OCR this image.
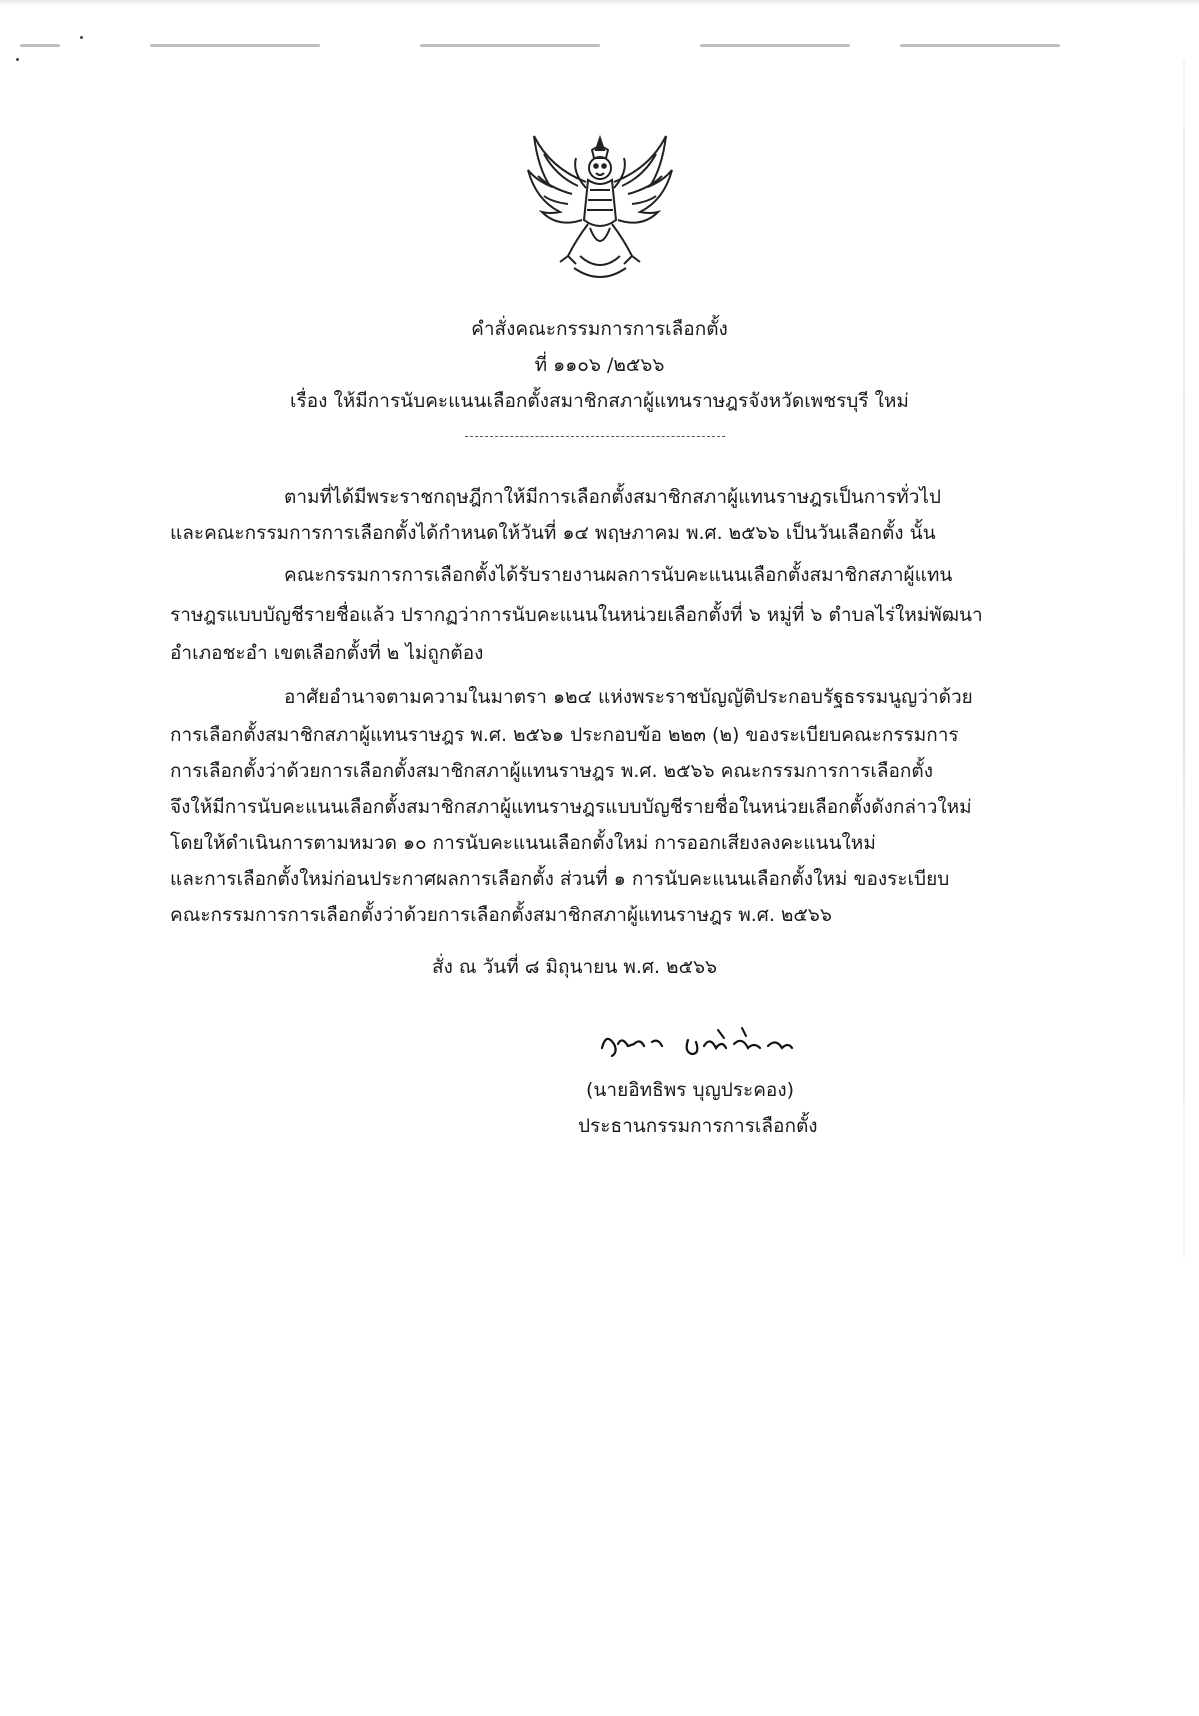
คำสั่งคณะกรรมการการเลือกตั้ง
ที่ ๑๑๐๖ /๒๕๖๖
เรื่อง ให้มีการนับคะแนนเลือกตั้งสมาชิกสภาผู้แทนราษฎรจังหวัดเพชรบุรี ใหม่
ตามที่ได้มีพระราชกฤษฎีกาให้มีการเลือกตั้งสมาชิกสภาผู้แทนราษฎรเป็นการทั่วไป
และคณะกรรมการการเลือกตั้งได้กำหนดให้วันที่ ๑๔ พฤษภาคม พ.ศ. ๒๕๖๖ เป็นวันเลือกตั้ง นั้น
คณะกรรมการการเลือกตั้งได้รับรายงานผลการนับคะแนนเลือกตั้งสมาชิกสภาผู้แทน
ราษฎรแบบบัญชีรายชื่อแล้ว ปรากฏว่าการนับคะแนนในหน่วยเลือกตั้งที่ ๖ หมู่ที่ ๖ ตำบลไร่ใหม่พัฒนา
อำเภอชะอำ เขตเลือกตั้งที่ ๒ ไม่ถูกต้อง
อาศัยอำนาจตามความในมาตรา ๑๒๔ แห่งพระราชบัญญัติประกอบรัฐธรรมนูญว่าด้วย
การเลือกตั้งสมาชิกสภาผู้แทนราษฎร พ.ศ. ๒๕๖๑ ประกอบข้อ ๒๒๓ (๒) ของระเบียบคณะกรรมการ
การเลือกตั้งว่าด้วยการเลือกตั้งสมาชิกสภาผู้แทนราษฎร พ.ศ. ๒๕๖๖ คณะกรรมการการเลือกตั้ง
จึงให้มีการนับคะแนนเลือกตั้งสมาชิกสภาผู้แทนราษฎรแบบบัญชีรายชื่อในหน่วยเลือกตั้งดังกล่าวใหม่
โดยให้ดำเนินการตามหมวด ๑๐ การนับคะแนนเลือกตั้งใหม่ การออกเสียงลงคะแนนใหม่
และการเลือกตั้งใหม่ก่อนประกาศผลการเลือกตั้ง ส่วนที่ ๑ การนับคะแนนเลือกตั้งใหม่ ของระเบียบ
คณะกรรมการการเลือกตั้งว่าด้วยการเลือกตั้งสมาชิกสภาผู้แทนราษฎร พ.ศ. ๒๕๖๖
สั่ง ณ วันที่ ๘ มิถุนายน พ.ศ. ๒๕๖๖
(นายอิทธิพร บุญประคอง)
ประธานกรรมการการเลือกตั้ง
